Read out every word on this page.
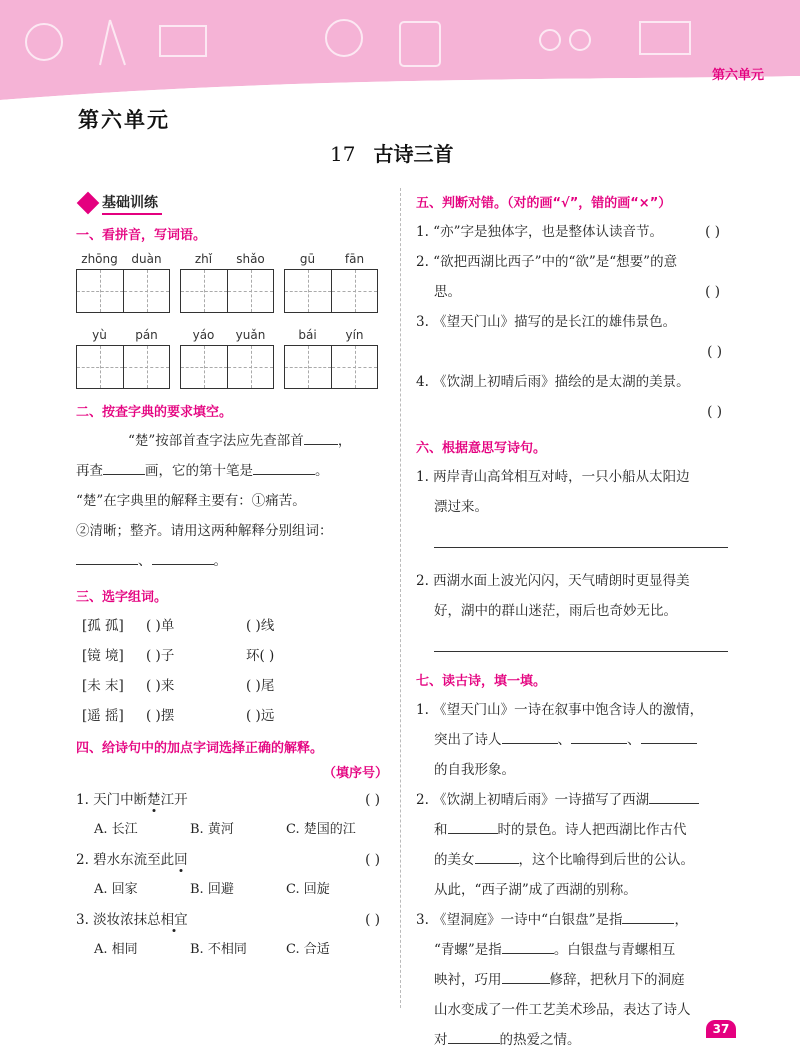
第六单元
第六单元
17 古诗三首
基础训练
一、看拼音，写词语。
zhōng	duàn	zhǐ	shǎo	gū	fān
yù	pán	yáo	yuǎn	bái	yín
二、按查字典的要求填空。
“楚”按部首查字法应先查部首	，
再查	画，它的第十笔是	。
“楚”在字典里的解释主要有：①痛苦。
②清晰；整齐。请用这两种解释分别组词：
、	。
三、选字组词。
[孤 孤]	( )单	( )线
[镜 境]	( )子	环( )
[未 末]	( )来	( )尾
[遥 摇]	( )摆	( )远
四、给诗句中的加点字词选择正确的解释。
（填序号）
1. 天门中断楚江开	( )
A. 长江	B. 黄河	C. 楚国的江
2. 碧水东流至此回	( )
A. 回家	B. 回避	C. 回旋
3. 淡妆浓抹总相宜	( )
A. 相同	B. 不相同	C. 合适
五、判断对错。（对的画“√”，错的画“×”）
1. “亦”字是独体字，也是整体认读音节。	( )
2. “欲把西湖比西子”中的“欲”是“想要”的意
思。	( )
3. 《望天门山》描写的是长江的雄伟景色。
( )
4. 《饮湖上初晴后雨》描绘的是太湖的美景。
( )
六、根据意思写诗句。
1. 两岸青山高耸相互对峙，一只小船从太阳边
漂过来。
2. 西湖水面上波光闪闪，天气晴朗时更显得美
好，湖中的群山迷茫，雨后也奇妙无比。
七、读古诗，填一填。
1. 《望天门山》一诗在叙事中饱含诗人的激情，
突出了诗人	、	、
的自我形象。
2. 《饮湖上初晴后雨》一诗描写了西湖
和	时的景色。诗人把西湖比作古代
的美女	，这个比喻得到后世的公认。
从此，“西子湖”成了西湖的别称。
3. 《望洞庭》一诗中“白银盘”是指	，
“青螺”是指	。白银盘与青螺相互
映衬，巧用	修辞，把秋月下的洞庭
山水变成了一件工艺美术珍品，表达了诗人
对	的热爱之情。
37
